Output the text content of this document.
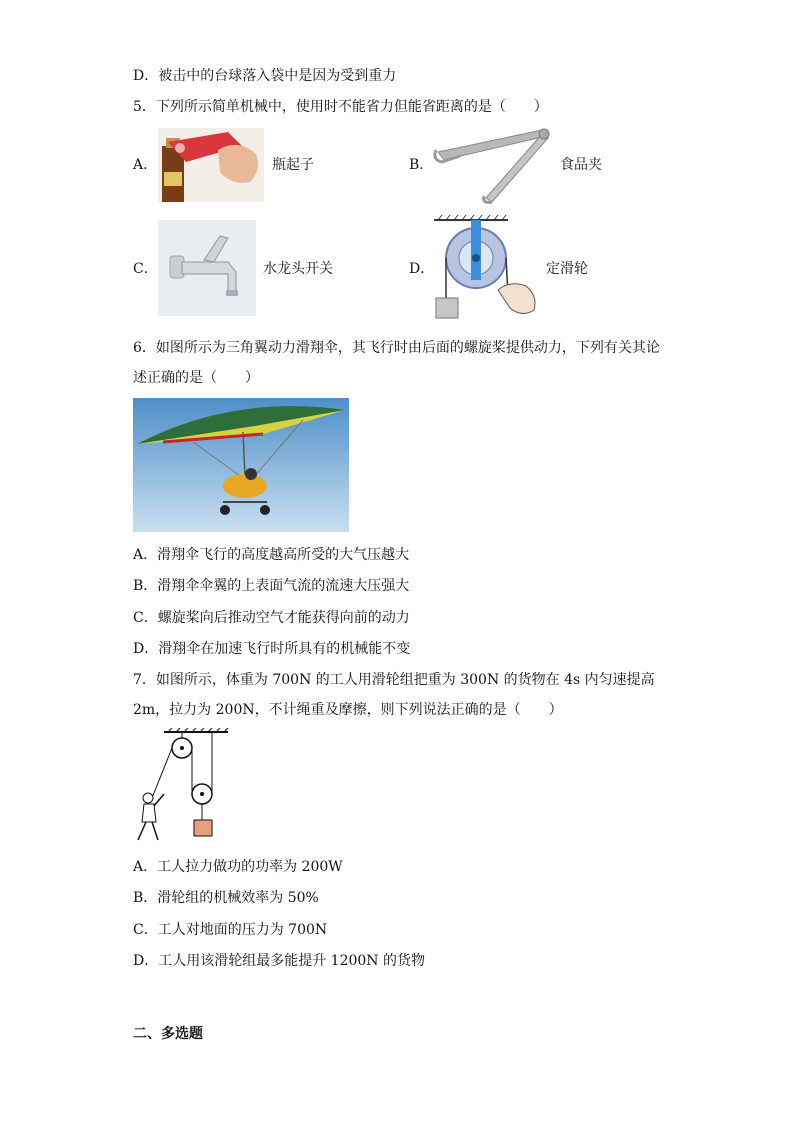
D．被击中的台球落入袋中是因为受到重力
5．下列所示简单机械中，使用时不能省力但能省距离的是（　　）
A．	瓶起子	B．	食品夹
C．	水龙头开关	D．	定滑轮
6．如图所示为三角翼动力滑翔伞，其飞行时由后面的螺旋桨提供动力，下列有关其论
述正确的是（　　）
A．滑翔伞飞行的高度越高所受的大气压越大
B．滑翔伞伞翼的上表面气流的流速大压强大
C．螺旋桨向后推动空气才能获得向前的动力
D．滑翔伞在加速飞行时所具有的机械能不变
7．如图所示，体重为 700N 的工人用滑轮组把重为 300N 的货物在 4s 内匀速提高
2m，拉力为 200N，不计绳重及摩擦，则下列说法正确的是（　　）
A．工人拉力做功的功率为 200W
B．滑轮组的机械效率为 50%
C．工人对地面的压力为 700N
D．工人用该滑轮组最多能提升 1200N 的货物
二、多选题
